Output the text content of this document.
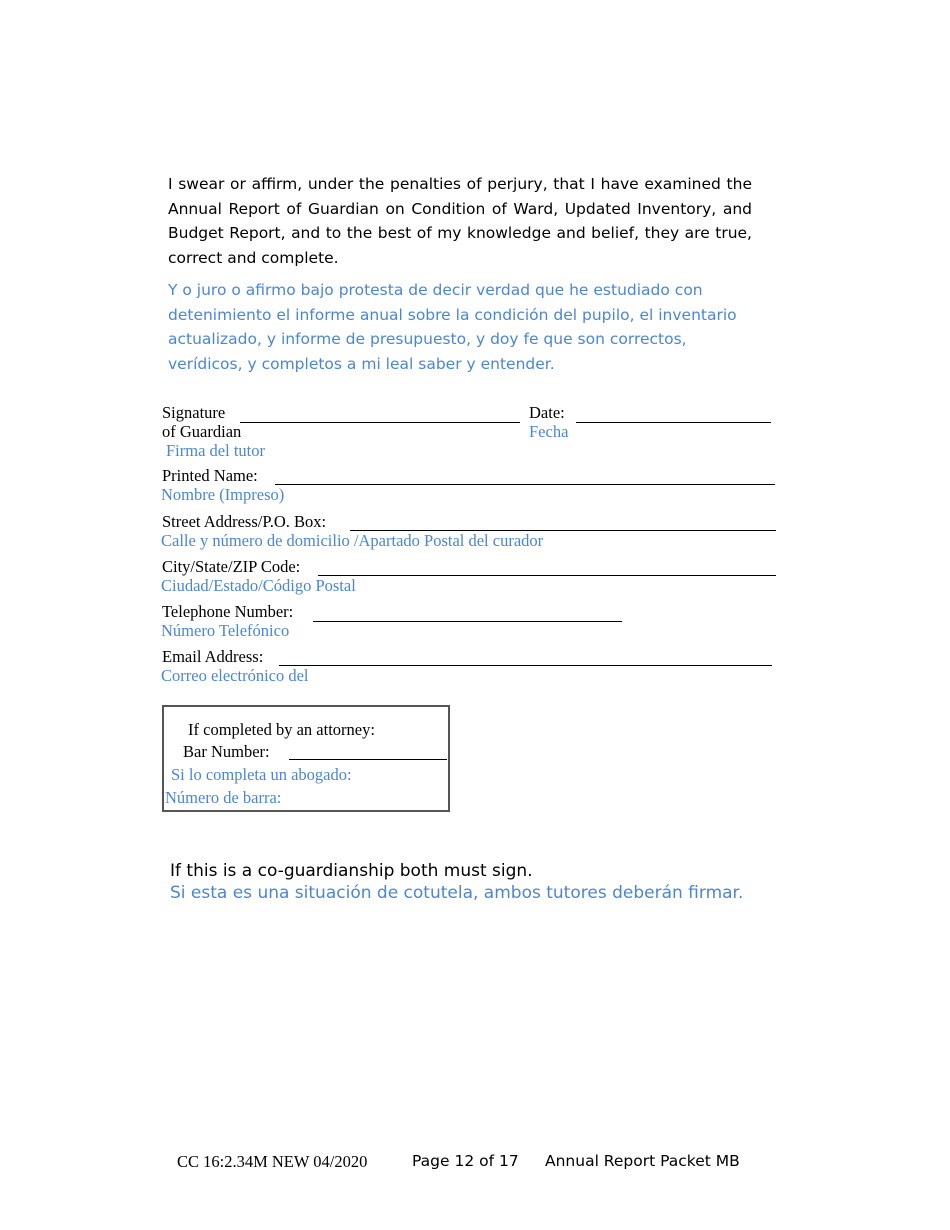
I swear or affirm, under the penalties of perjury, that I have examined the Annual Report of Guardian on Condition of Ward, Updated Inventory, and Budget Report, and to the best of my knowledge and belief, they are true, correct and complete.

Y o juro o afirmo bajo protesta de decir verdad que he estudiado con detenimiento el informe anual sobre la condición del pupilo, el inventario actualizado, y informe de presupuesto, y doy fe que son correctos, verídicos, y completos a mi leal saber y entender.

Signature
of Guardian
Date:
Fecha
Firma del tutor
Printed Name:
Nombre (Impreso)
Street Address/P.O. Box:
Calle y número de domicilio /Apartado Postal del curador
City/State/ZIP Code:
Ciudad/Estado/Código Postal
Telephone Number:
Número Telefónico
Email Address:
Correo electrónico del
If completed by an attorney:
Bar Number:
Si lo completa un abogado:
Número de barra:
If this is a co-guardianship both must sign.
Si esta es una situación de cotutela, ambos tutores deberán firmar.
CC 16:2.34M NEW 04/2020	Page 12 of 17 Annual Report Packet MB
